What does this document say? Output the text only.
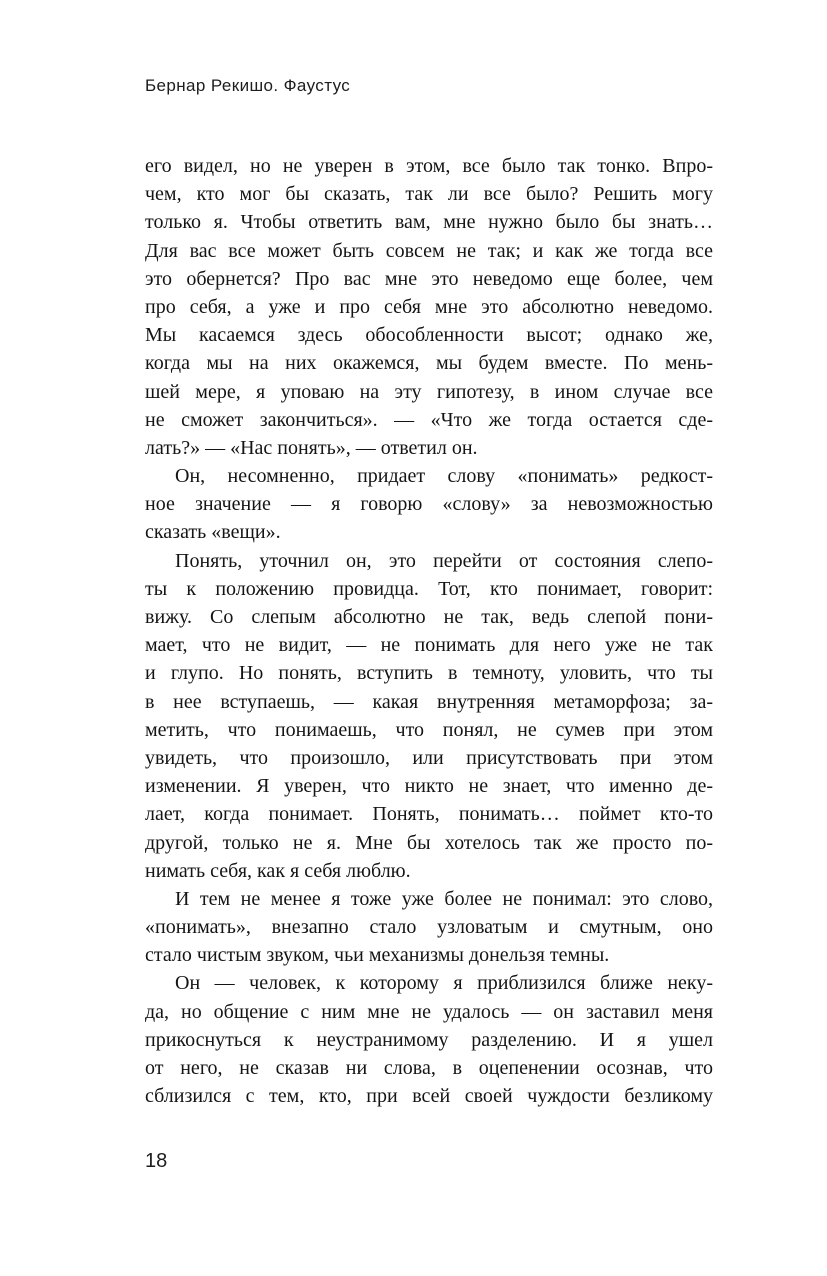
Бернар Рекишо. Фаустус
его видел, но не уверен в этом, все было так тонко. Впро-
чем, кто мог бы сказать, так ли все было? Решить могу
только я. Чтобы ответить вам, мне нужно было бы знать…
Для вас все может быть совсем не так; и как же тогда все
это обернется? Про вас мне это неведомо еще более, чем
про себя, а уже и про себя мне это абсолютно неведомо.
Мы касаемся здесь обособленности высот; однако же,
когда мы на них окажемся, мы будем вместе. По мень-
шей мере, я уповаю на эту гипотезу, в ином случае все
не сможет закончиться». — «Что же тогда остается сде-
лать?» — «Нас понять», — ответил он.
Он, несомненно, придает слову «понимать» редкост-
ное значение — я говорю «слову» за невозможностью
сказать «вещи».
Понять, уточнил он, это перейти от состояния слепо-
ты к положению провидца. Тот, кто понимает, говорит:
вижу. Со слепым абсолютно не так, ведь слепой пони-
мает, что не видит, — не понимать для него уже не так
и глупо. Но понять, вступить в темноту, уловить, что ты
в нее вступаешь, — какая внутренняя метаморфоза; за-
метить, что понимаешь, что понял, не сумев при этом
увидеть, что произошло, или присутствовать при этом
изменении. Я уверен, что никто не знает, что именно де-
лает, когда понимает. Понять, понимать… поймет кто-то
другой, только не я. Мне бы хотелось так же просто по-
нимать себя, как я себя люблю.
И тем не менее я тоже уже более не понимал: это слово,
«понимать», внезапно стало узловатым и смутным, оно
стало чистым звуком, чьи механизмы донельзя темны.
Он — человек, к которому я приблизился ближе неку-
да, но общение с ним мне не удалось — он заставил меня
прикоснуться к неустранимому разделению. И я ушел
от него, не сказав ни слова, в оцепенении осознав, что
сблизился с тем, кто, при всей своей чуждости безликому
18
